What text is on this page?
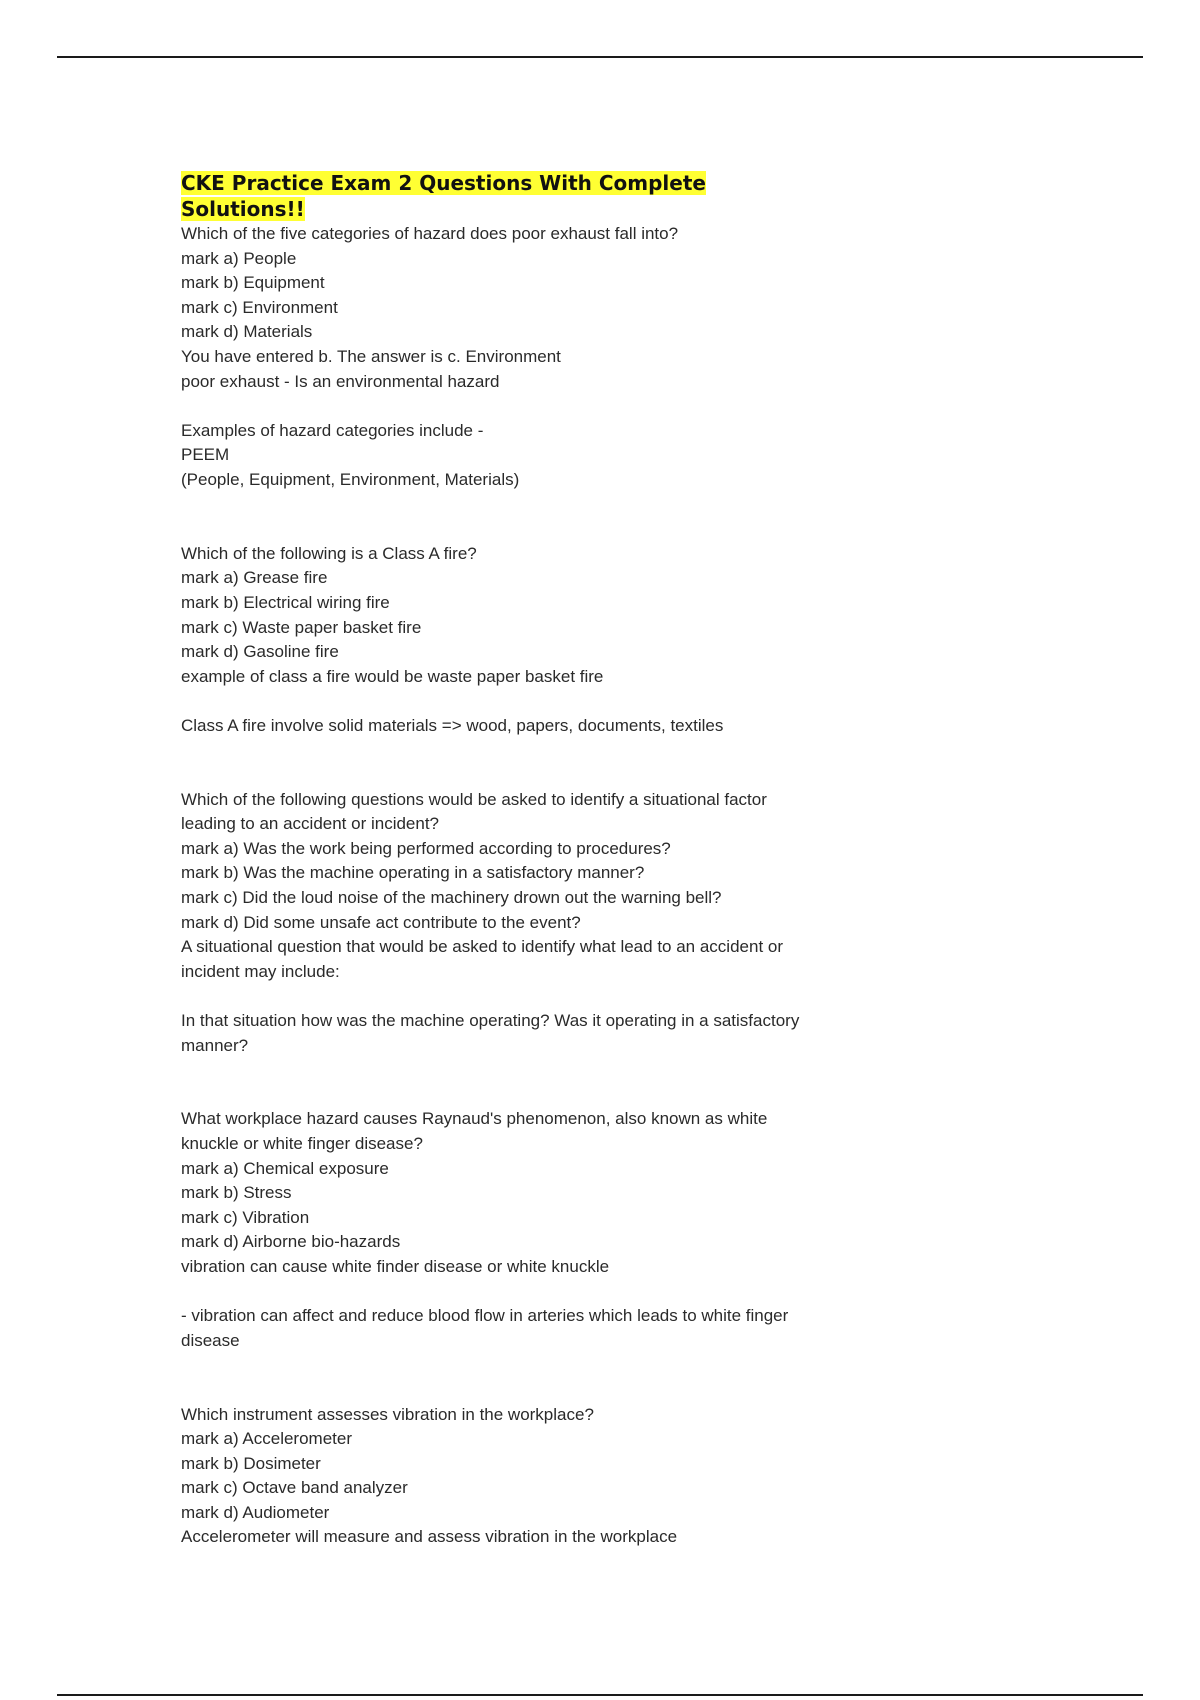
CKE Practice Exam 2 Questions With Complete Solutions!!

Which of the five categories of hazard does poor exhaust fall into?

mark a) People

mark b) Equipment

mark c) Environment

mark d) Materials

You have entered b. The answer is c. Environment

poor exhaust - Is an environmental hazard

Examples of hazard categories include -

PEEM

(People, Equipment, Environment, Materials)

Which of the following is a Class A fire?

mark a) Grease fire

mark b) Electrical wiring fire

mark c) Waste paper basket fire

mark d) Gasoline fire

example of class a fire would be waste paper basket fire

Class A fire involve solid materials => wood, papers, documents, textiles

Which of the following questions would be asked to identify a situational factor leading to an accident or incident?

mark a) Was the work being performed according to procedures?

mark b) Was the machine operating in a satisfactory manner?

mark c) Did the loud noise of the machinery drown out the warning bell?

mark d) Did some unsafe act contribute to the event?

A situational question that would be asked to identify what lead to an accident or incident may include:

In that situation how was the machine operating? Was it operating in a satisfactory manner?

What workplace hazard causes Raynaud's phenomenon, also known as white knuckle or white finger disease?

mark a) Chemical exposure

mark b) Stress

mark c) Vibration

mark d) Airborne bio-hazards

vibration can cause white finder disease or white knuckle

- vibration can affect and reduce blood flow in arteries which leads to white finger disease

Which instrument assesses vibration in the workplace?

mark a) Accelerometer

mark b) Dosimeter

mark c) Octave band analyzer

mark d) Audiometer

Accelerometer will measure and assess vibration in the workplace
